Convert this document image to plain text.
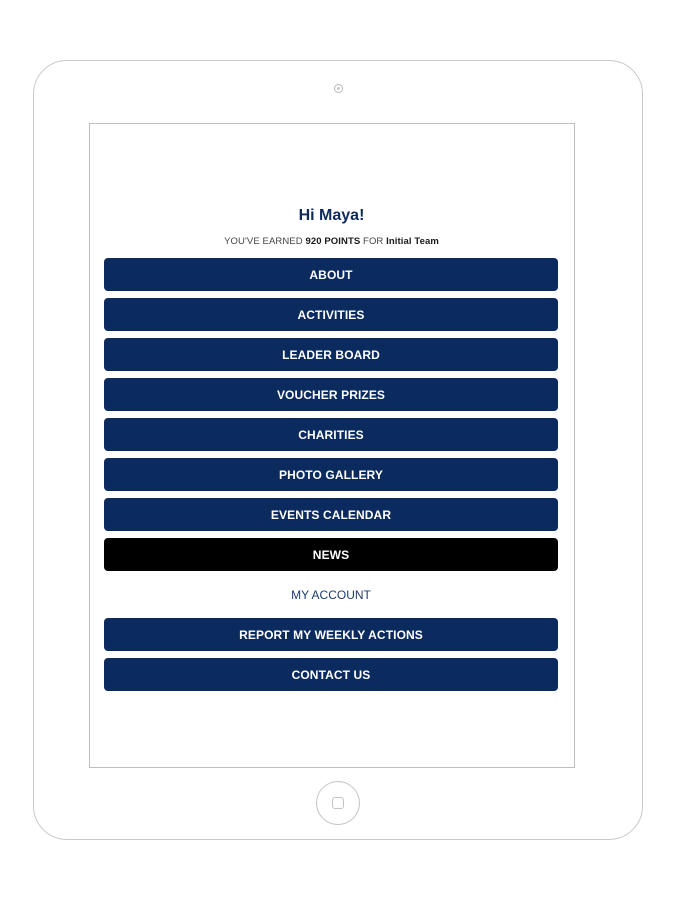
Hi Maya!
YOU'VE EARNED 920 POINTS FOR Initial Team
ABOUT
ACTIVITIES
LEADER BOARD
VOUCHER PRIZES
CHARITIES
PHOTO GALLERY
EVENTS CALENDAR
NEWS
MY ACCOUNT
REPORT MY WEEKLY ACTIONS
CONTACT US
